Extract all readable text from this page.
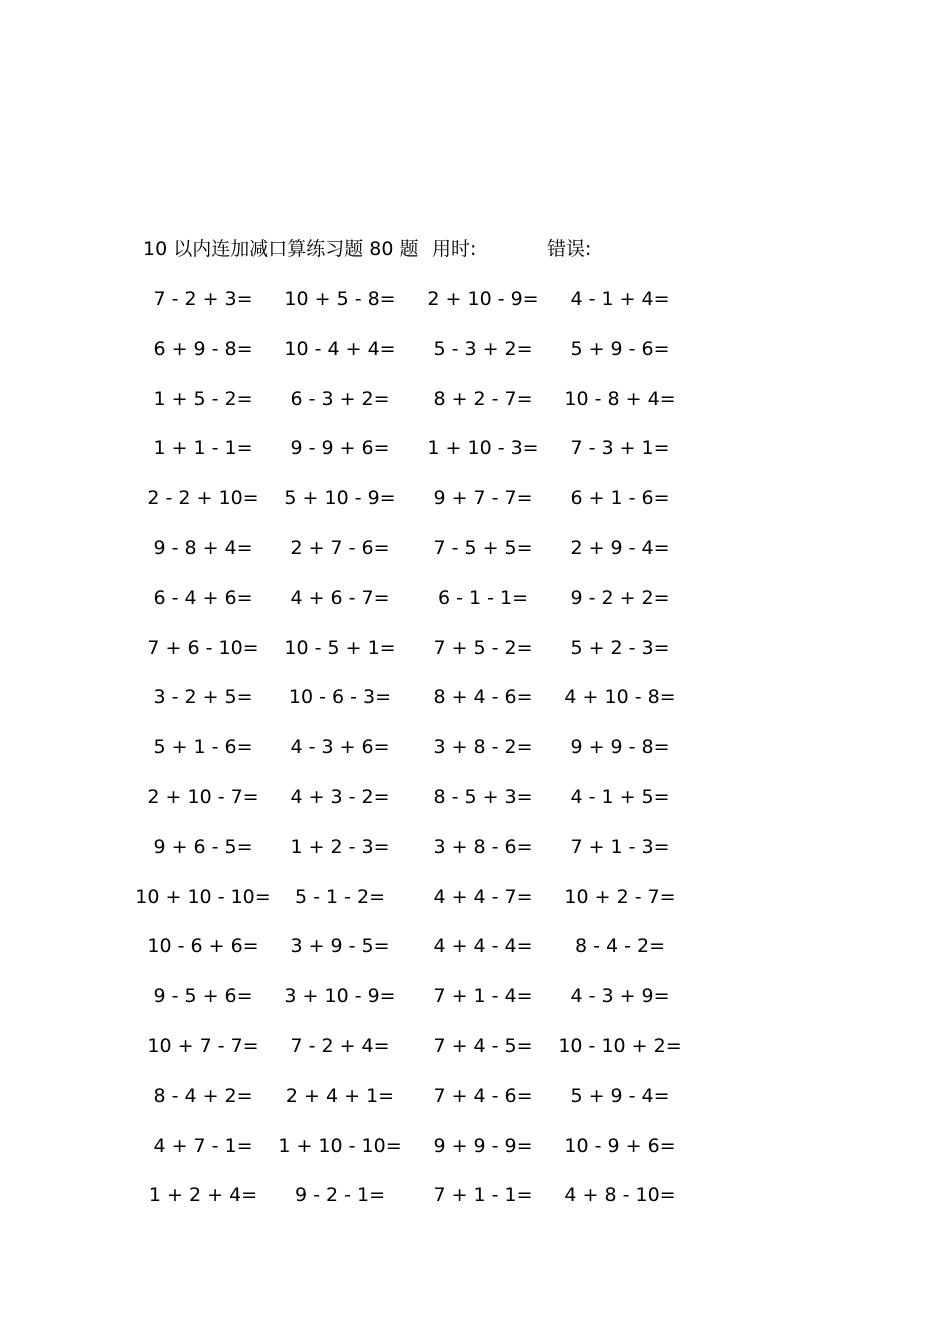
10 以内连加减口算练习题 80 题 用时:	错误:
7 - 2 + 3=	10 + 5 - 8=	2 + 10 - 9=	4 - 1 + 4=
6 + 9 - 8=	10 - 4 + 4=	5 - 3 + 2=	5 + 9 - 6=
1 + 5 - 2=	6 - 3 + 2=	8 + 2 - 7=	10 - 8 + 4=
1 + 1 - 1=	9 - 9 + 6=	1 + 10 - 3=	7 - 3 + 1=
2 - 2 + 10=	5 + 10 - 9=	9 + 7 - 7=	6 + 1 - 6=
9 - 8 + 4=	2 + 7 - 6=	7 - 5 + 5=	2 + 9 - 4=
6 - 4 + 6=	4 + 6 - 7=	6 - 1 - 1=	9 - 2 + 2=
7 + 6 - 10=	10 - 5 + 1=	7 + 5 - 2=	5 + 2 - 3=
3 - 2 + 5=	10 - 6 - 3=	8 + 4 - 6=	4 + 10 - 8=
5 + 1 - 6=	4 - 3 + 6=	3 + 8 - 2=	9 + 9 - 8=
2 + 10 - 7=	4 + 3 - 2=	8 - 5 + 3=	4 - 1 + 5=
9 + 6 - 5=	1 + 2 - 3=	3 + 8 - 6=	7 + 1 - 3=
10 + 10 - 10=	5 - 1 - 2=	4 + 4 - 7=	10 + 2 - 7=
10 - 6 + 6=	3 + 9 - 5=	4 + 4 - 4=	8 - 4 - 2=
9 - 5 + 6=	3 + 10 - 9=	7 + 1 - 4=	4 - 3 + 9=
10 + 7 - 7=	7 - 2 + 4=	7 + 4 - 5=	10 - 10 + 2=
8 - 4 + 2=	2 + 4 + 1=	7 + 4 - 6=	5 + 9 - 4=
4 + 7 - 1=	1 + 10 - 10=	9 + 9 - 9=	10 - 9 + 6=
1 + 2 + 4=	9 - 2 - 1=	7 + 1 - 1=	4 + 8 - 10=
